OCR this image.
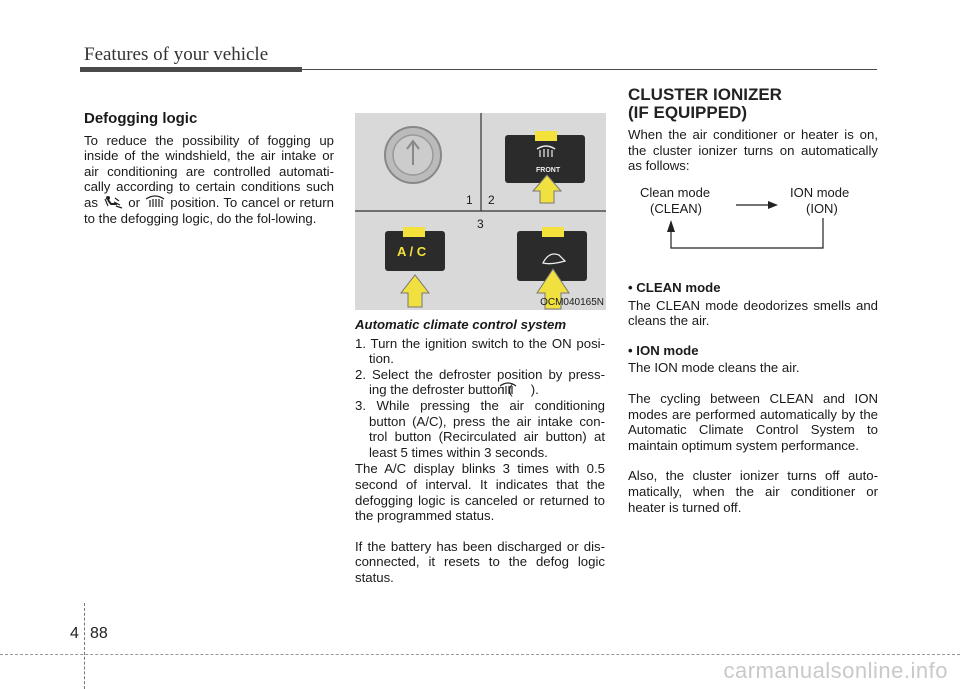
Features of your vehicle

Defogging logic

To reduce the possibility of fogging up inside of the windshield, the air intake or air conditioning are controlled automati-cally according to certain conditions such as or position. To cancel or return to the defogging logic, do the fol-lowing.

1 2
3
A / C
FRONT
OCM040165N

Automatic climate control system

1. Turn the ignition switch to the ON posi-tion.
2. Select the defroster position by press-ing the defroster button ( ).
3. While pressing the air conditioning button (A/C), press the air intake con-trol button (Recirculated air button) at least 5 times within 3 seconds.

The A/C display blinks 3 times with 0.5 second of interval. It indicates that the defogging logic is canceled or returned to the programmed status.

If the battery has been discharged or dis-connected, it resets to the defog logic status.

CLUSTER IONIZER
(IF EQUIPPED)
When the air conditioner or heater is on, the cluster ionizer turns on automatically as follows:
Clean mode
(CLEAN)
ION mode
(ION)

• CLEAN mode

The CLEAN mode deodorizes smells and cleans the air.

• ION mode

The ION mode cleans the air.

The cycling between CLEAN and ION modes are performed automatically by the Automatic Climate Control System to maintain optimum system performance.

Also, the cluster ionizer turns off auto-matically, when the air conditioner or heater is turned off.

4 88
carmanualsonline.info
